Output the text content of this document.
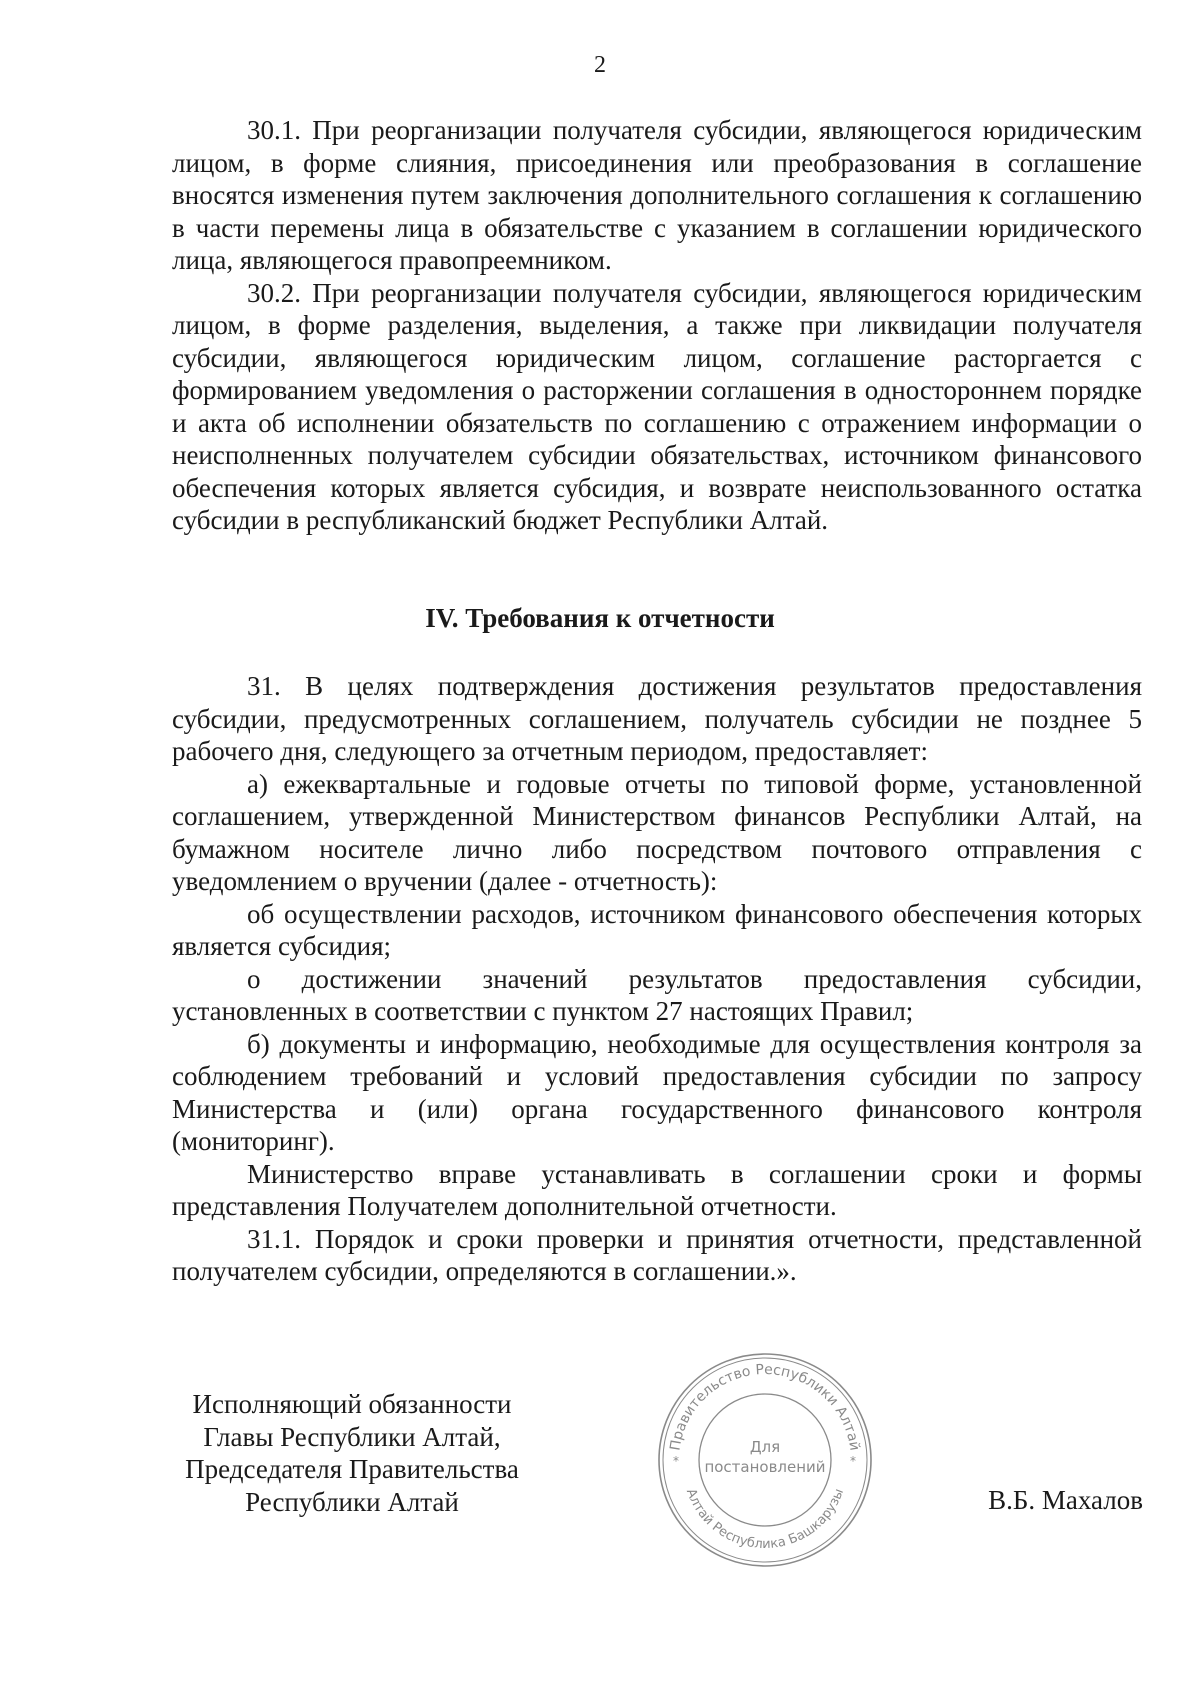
2

30.1. При реорганизации получателя субсидии, являющегося юридическим лицом, в форме слияния, присоединения или преобразования в соглашение вносятся изменения путем заключения дополнительного соглашения к соглашению в части перемены лица в обязательстве с указанием в соглашении юридического лица, являющегося правопреемником.

30.2. При реорганизации получателя субсидии, являющегося юридическим лицом, в форме разделения, выделения, а также при ликвидации получателя субсидии, являющегося юридическим лицом, соглашение расторгается с формированием уведомления о расторжении соглашения в одностороннем порядке и акта об исполнении обязательств по соглашению с отражением информации о неисполненных получателем субсидии обязательствах, источником финансового обеспечения которых является субсидия, и возврате неиспользованного остатка субсидии в республиканский бюджет Республики Алтай.

IV. Требования к отчетности

31. В целях подтверждения достижения результатов предоставления субсидии, предусмотренных соглашением, получатель субсидии не позднее 5 рабочего дня, следующего за отчетным периодом, предоставляет:

а) ежеквартальные и годовые отчеты по типовой форме, установленной соглашением, утвержденной Министерством финансов Республики Алтай, на бумажном носителе лично либо посредством почтового отправления с уведомлением о вручении (далее - отчетность):

об осуществлении расходов, источником финансового обеспечения которых является субсидия;

о достижении значений результатов предоставления субсидии, установленных в соответствии с пунктом 27 настоящих Правил;

б) документы и информацию, необходимые для осуществления контроля за соблюдением требований и условий предоставления субсидии по запросу Министерства и (или) органа государственного финансового контроля (мониторинг).

Министерство вправе устанавливать в соглашении сроки и формы представления Получателем дополнительной отчетности.

31.1. Порядок и сроки проверки и принятия отчетности, представленной получателем субсидии, определяются в соглашении.».

Исполняющий обязанности
Главы Республики Алтай,
Председателя Правительства
Республики Алтай
Правительство Республики Алтай
Алтай Республика Башкарузы
*	*
Для
постановлений
В.Б. Махалов
